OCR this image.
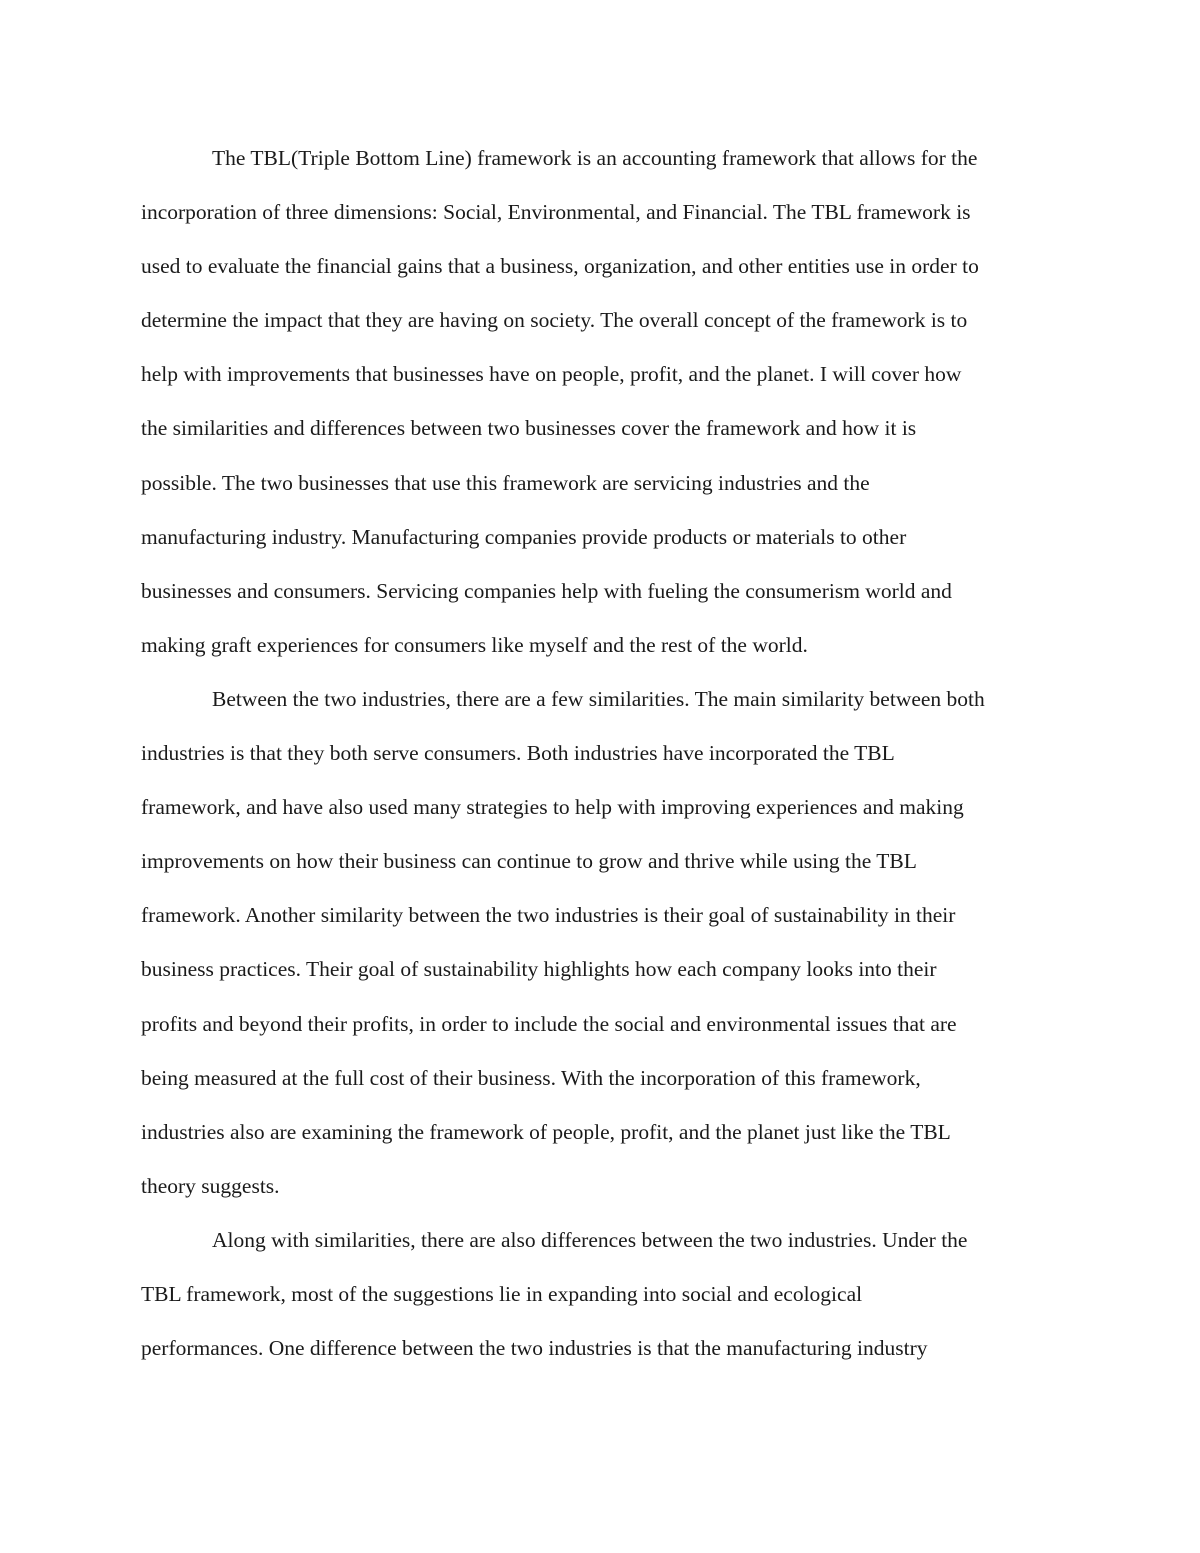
The TBL(Triple Bottom Line) framework is an accounting framework that allows for the
incorporation of three dimensions: Social, Environmental, and Financial. The TBL framework is
used to evaluate the financial gains that a business, organization, and other entities use in order to
determine the impact that they are having on society. The overall concept of the framework is to
help with improvements that businesses have on people, profit, and the planet. I will cover how
the similarities and differences between two businesses cover the framework and how it is
possible. The two businesses that use this framework are servicing industries and the
manufacturing industry. Manufacturing companies provide products or materials to other
businesses and consumers. Servicing companies help with fueling the consumerism world and
making graft experiences for consumers like myself and the rest of the world.
Between the two industries, there are a few similarities. The main similarity between both
industries is that they both serve consumers. Both industries have incorporated the TBL
framework, and have also used many strategies to help with improving experiences and making
improvements on how their business can continue to grow and thrive while using the TBL
framework. Another similarity between the two industries is their goal of sustainability in their
business practices. Their goal of sustainability highlights how each company looks into their
profits and beyond their profits, in order to include the social and environmental issues that are
being measured at the full cost of their business. With the incorporation of this framework,
industries also are examining the framework of people, profit, and the planet just like the TBL
theory suggests.
Along with similarities, there are also differences between the two industries. Under the
TBL framework, most of the suggestions lie in expanding into social and ecological
performances. One difference between the two industries is that the manufacturing industry
